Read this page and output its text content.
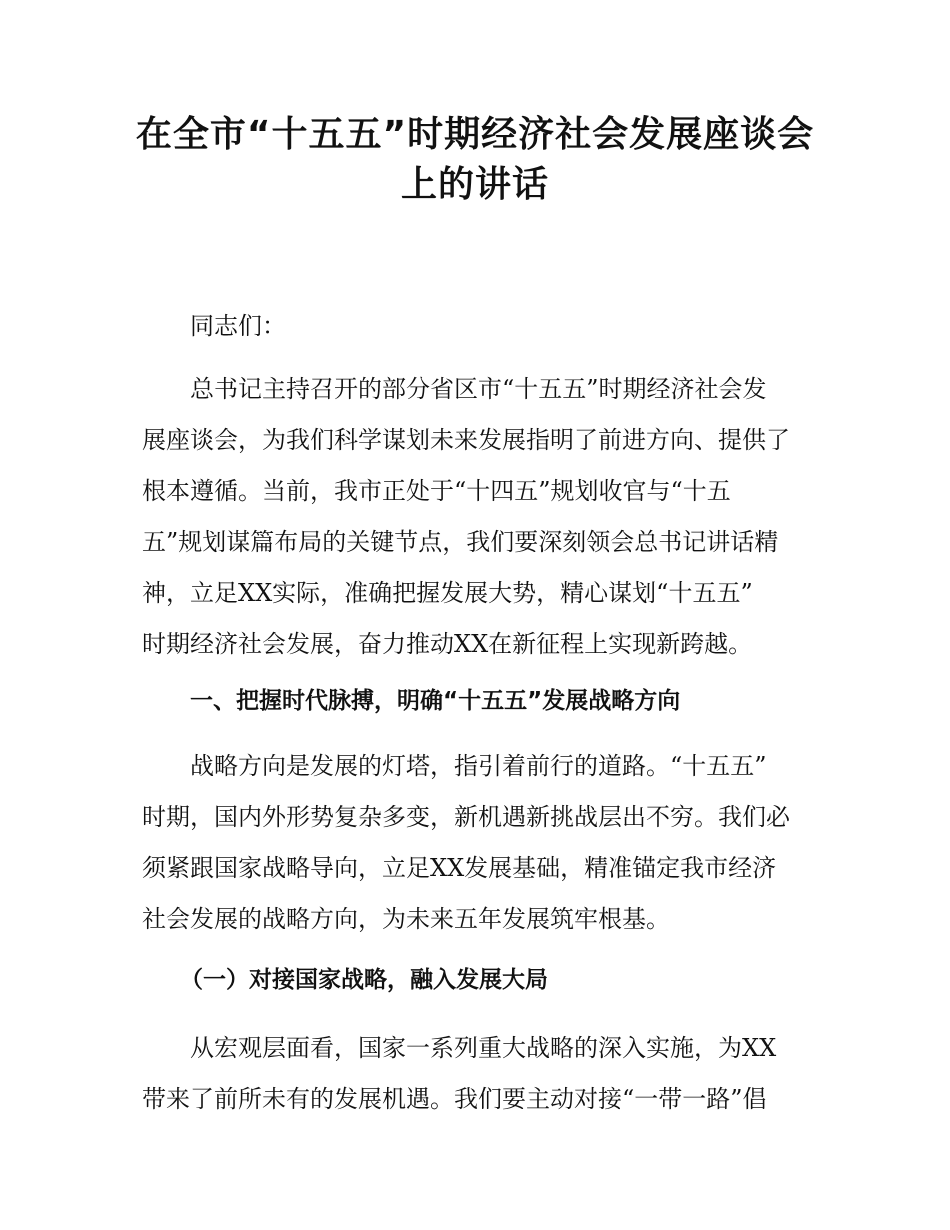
在全市“十五五”时期经济社会发展座谈会
上的讲话

同志们：

总书记主持召开的部分省区市“十五五”时期经济社会发
展座谈会，为我们科学谋划未来发展指明了前进方向、提供了
根本遵循。当前，我市正处于“十四五”规划收官与“十五
五”规划谋篇布局的关键节点，我们要深刻领会总书记讲话精
神，立足XX实际，准确把握发展大势，精心谋划“十五五”
时期经济社会发展，奋力推动XX在新征程上实现新跨越。
一、把握时代脉搏，明确“十五五”发展战略方向
战略方向是发展的灯塔，指引着前行的道路。“十五五”
时期，国内外形势复杂多变，新机遇新挑战层出不穷。我们必
须紧跟国家战略导向，立足XX发展基础，精准锚定我市经济
社会发展的战略方向，为未来五年发展筑牢根基。
（一）对接国家战略，融入发展大局
从宏观层面看，国家一系列重大战略的深入实施，为XX
带来了前所未有的发展机遇。我们要主动对接“一带一路”倡
